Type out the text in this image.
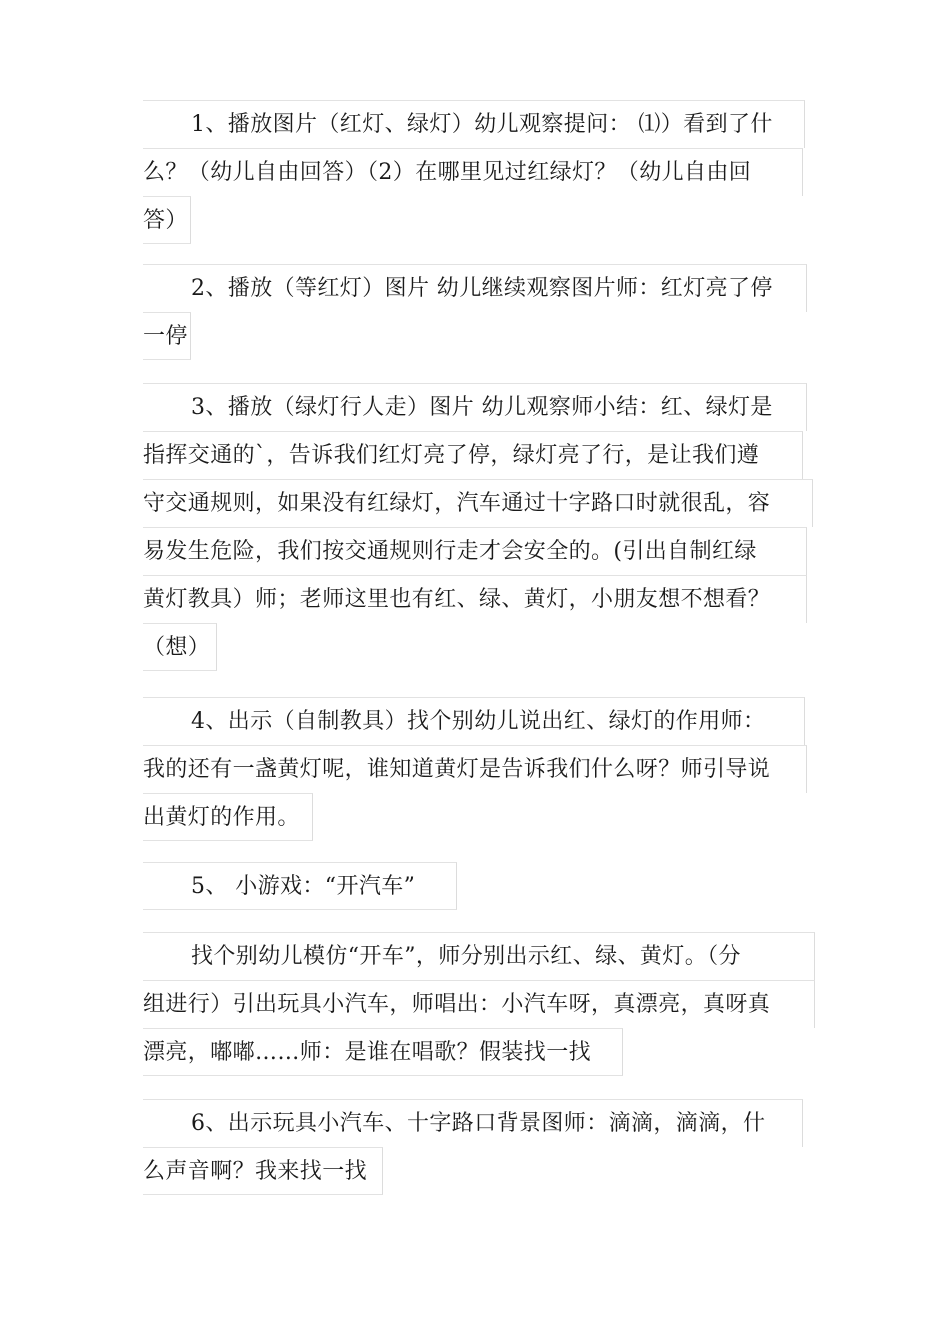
1、播放图片（红灯、绿灯）幼儿观察提问： ⑴）看到了什
么？（幼儿自由回答）（2）在哪里见过红绿灯？（幼儿自由回
答）
2、播放（等红灯）图片 幼儿继续观察图片师：红灯亮了停
一停
3、播放（绿灯行人走）图片 幼儿观察师小结：红、绿灯是
指挥交通的`，告诉我们红灯亮了停，绿灯亮了行，是让我们遵
守交通规则，如果没有红绿灯，汽车通过十字路口时就很乱，容
易发生危险，我们按交通规则行走才会安全的。(引出自制红绿
黄灯教具）师；老师这里也有红、绿、黄灯，小朋友想不想看？
（想）
4、出示（自制教具）找个别幼儿说出红、绿灯的作用师：
我的还有一盏黄灯呢，谁知道黄灯是告诉我们什么呀？师引导说
出黄灯的作用。
5、 小游戏：“开汽车”
找个别幼儿模仿“开车”，师分别出示红、绿、黄灯。（分
组进行）引出玩具小汽车，师唱出：小汽车呀，真漂亮，真呀真
漂亮，嘟嘟……师：是谁在唱歌？假装找一找
6、出示玩具小汽车、十字路口背景图师：滴滴，滴滴，什
么声音啊？我来找一找
